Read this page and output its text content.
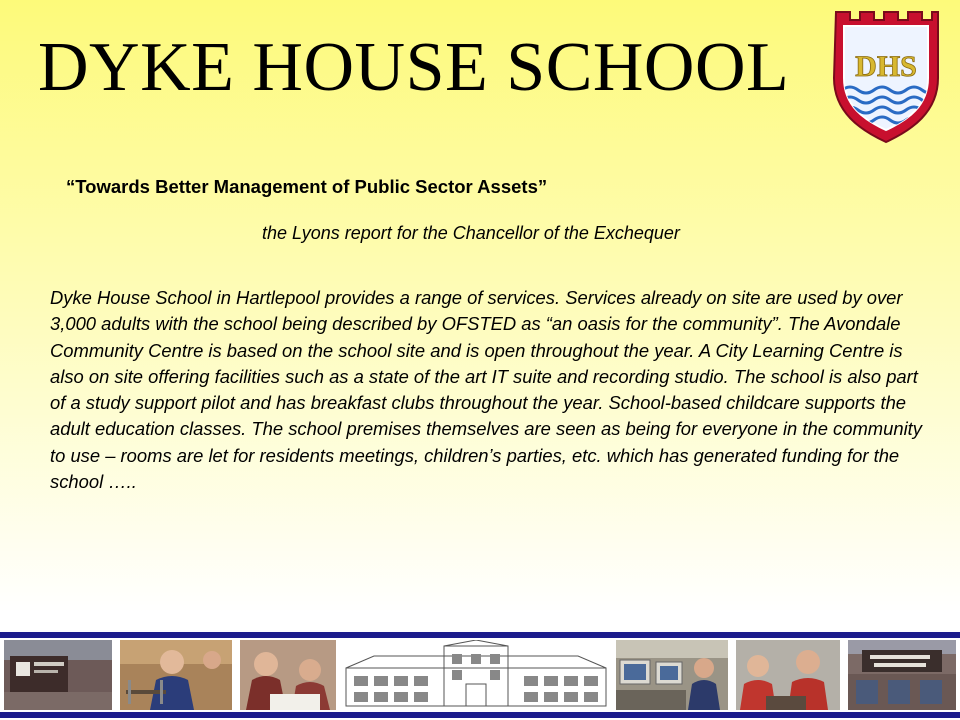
DYKE HOUSE SCHOOL DHS
“Towards Better Management of Public Sector Assets”
the Lyons report for the Chancellor of the Exchequer
Dyke House School in Hartlepool provides a range of services. Services already on site are used by over 3,000 adults with the school being described by OFSTED as “an oasis for the community”. The Avondale Community Centre is based on the school site and is open throughout the year. A City Learning Centre is also on site offering facilities such as a state of the art IT suite and recording studio. The school is also part of a study support pilot and has breakfast clubs throughout the year. School-based childcare supports the adult education classes. The school premises themselves are seen as being for everyone in the community to use – rooms are let for residents meetings, children’s parties, etc. which has generated funding for the school …..
